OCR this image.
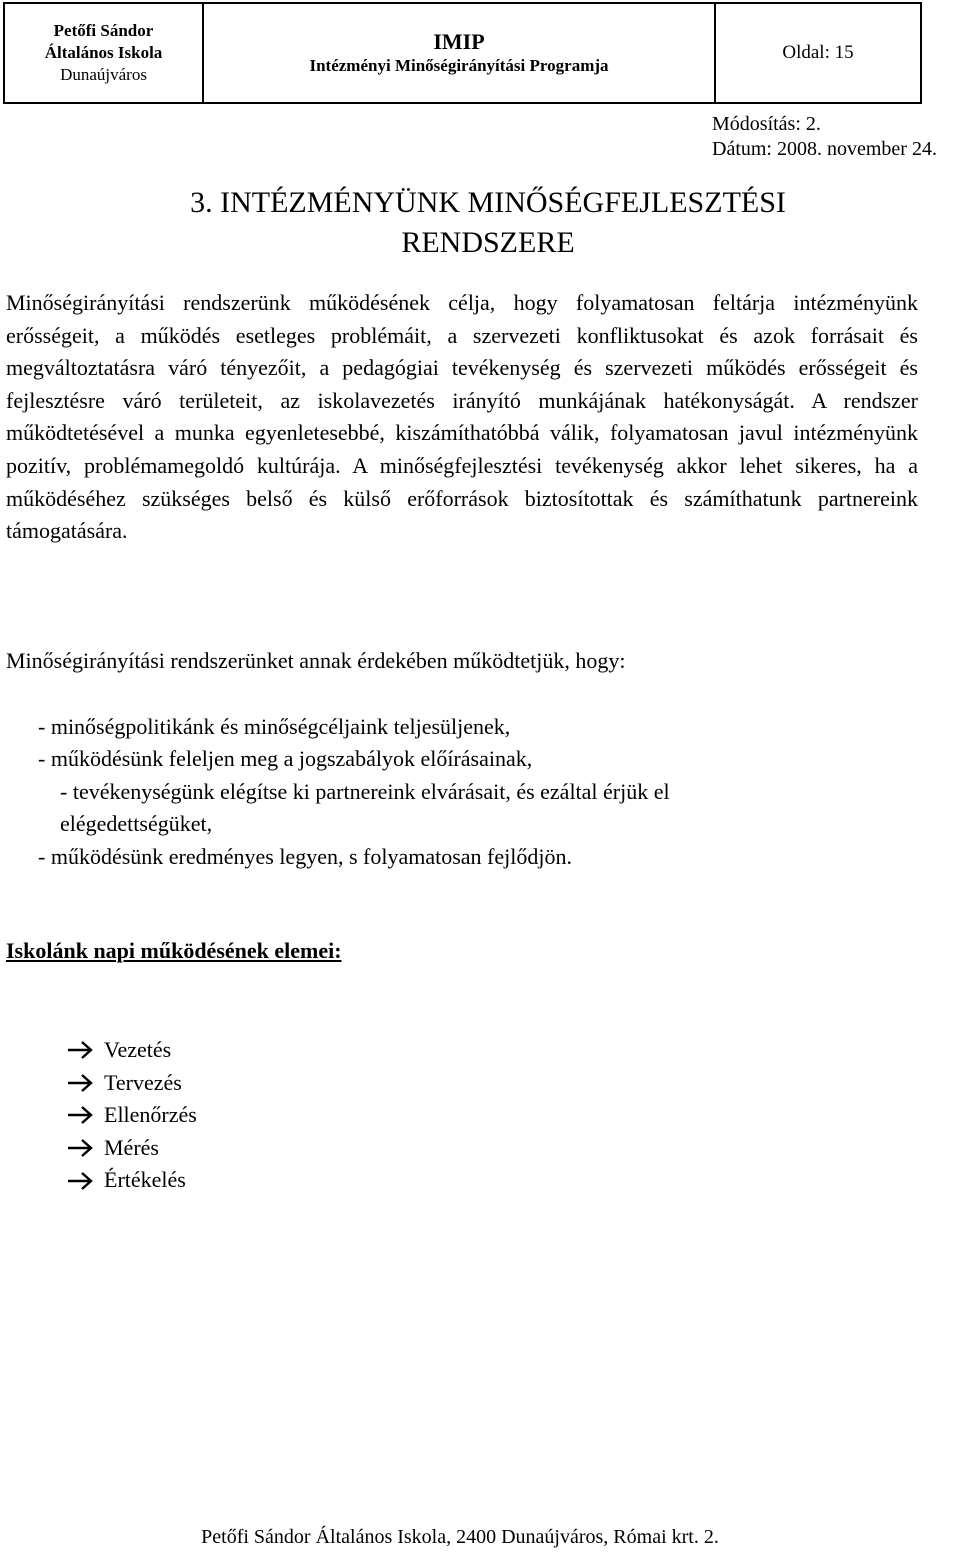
Petőfi Sándor
Általános Iskola
Dunaújváros
IMIP
Intézményi Minőségirányítási Programja
Oldal: 15
Módosítás: 2.
Dátum: 2008. november 24.
3. INTÉZMÉNYÜNK MINŐSÉGFEJLESZTÉSI
RENDSZERE

Minőségirányítási rendszerünk működésének célja, hogy folyamatosan feltárja intézményünk erősségeit, a működés esetleges problémáit, a szervezeti konfliktusokat és azok forrásait és megváltoztatásra váró tényezőit, a pedagógiai tevékenység és szervezeti működés erősségeit és fejlesztésre váró területeit, az iskolavezetés irányító munkájának hatékonyságát. A rendszer működtetésével a munka egyenletesebbé, kiszámíthatóbbá válik, folyamatosan javul intézményünk pozitív, problémamegoldó kultúrája. A minőségfejlesztési tevékenység akkor lehet sikeres, ha a működéséhez szükséges belső és külső erőforrások biztosítottak és számíthatunk partnereink támogatására.

Minőségirányítási rendszerünket annak érdekében működtetjük, hogy:

- minőségpolitikánk és minőségcéljaink teljesüljenek,

- működésünk feleljen meg a jogszabályok előírásainak,

- tevékenységünk elégítse ki partnereink elvárásait, és ezáltal érjük el

elégedettségüket,

- működésünk eredményes legyen, s folyamatosan fejlődjön.

Iskolánk napi működésének elemei:

Vezetés
Tervezés
Ellenőrzés
Mérés
Értékelés
Petőfi Sándor Általános Iskola, 2400 Dunaújváros, Római krt. 2.
